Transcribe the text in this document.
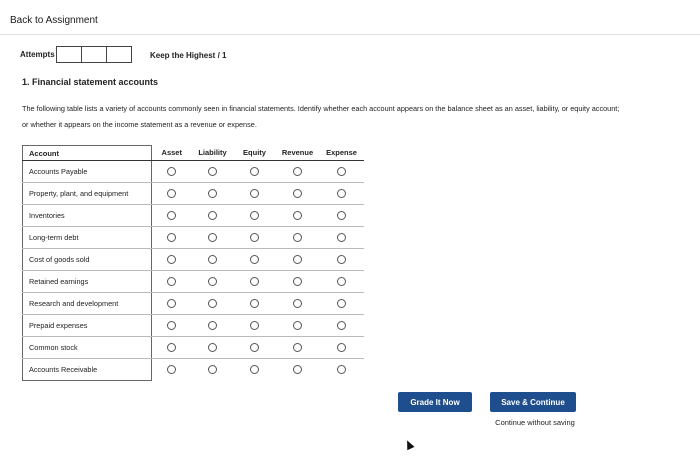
Back to Assignment
Attempts	Keep the Highest / 1
1. Financial statement accounts
The following table lists a variety of accounts commonly seen in financial statements. Identify whether each account appears on the balance sheet as an asset, liability, or equity account; or whether it appears on the income statement as a revenue or expense.
Account	Asset	Liability	Equity	Revenue	Expense
Accounts Payable					
Property, plant, and equipment					
Inventories					
Long-term debt					
Cost of goods sold					
Retained earnings					
Research and development					
Prepaid expenses					
Common stock					
Accounts Receivable					
Grade It Now	Save & Continue
Continue without saving
